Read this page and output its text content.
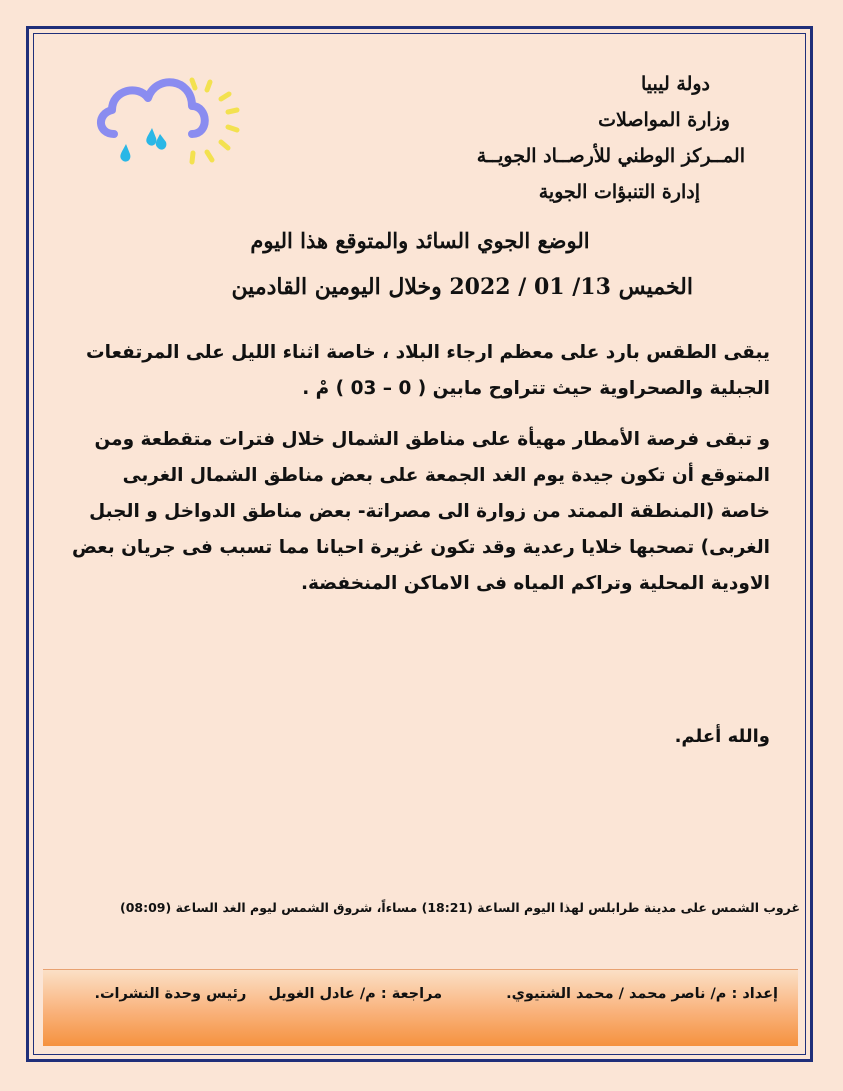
دولة ليبيا
وزارة المواصلات
المــركز الوطني للأرصــاد الجويــة
إدارة التنبؤات الجوية
الوضع الجوي السائد والمتوقع هذا اليوم
الخميس 13/ 01 / 2022 وخلال اليومين القادمين
يبقى الطقس بارد على معظم ارجاء البلاد ، خاصة اثناء الليل على المرتفعات الجبلية والصحراوية حيث تتراوح مابين ( 0 – 03 ) مْ .
و تبقى فرصة الأمطار مهيأة على مناطق الشمال خلال فترات متقطعة ومن المتوقع أن تكون جيدة يوم الغد الجمعة على بعض مناطق الشمال الغربى خاصة (المنطقة الممتد من زوارة الى مصراتة- بعض مناطق الدواخل و الجبل الغربى) تصحبها خلايا رعدية وقد تكون غزيرة احيانا مما تسبب فى جريان بعض الاودية المحلية وتراكم المياه فى الاماكن المنخفضة.
والله أعلم.
غروب الشمس على مدينة طرابلس لهذا اليوم الساعة (18:21) مساءاً، شروق الشمس ليوم الغد الساعة (08:09)
إعداد : م/ ناصر محمد / محمد الشتيوي.مراجعة : م/ عادل الغويلرئيس وحدة النشرات.
